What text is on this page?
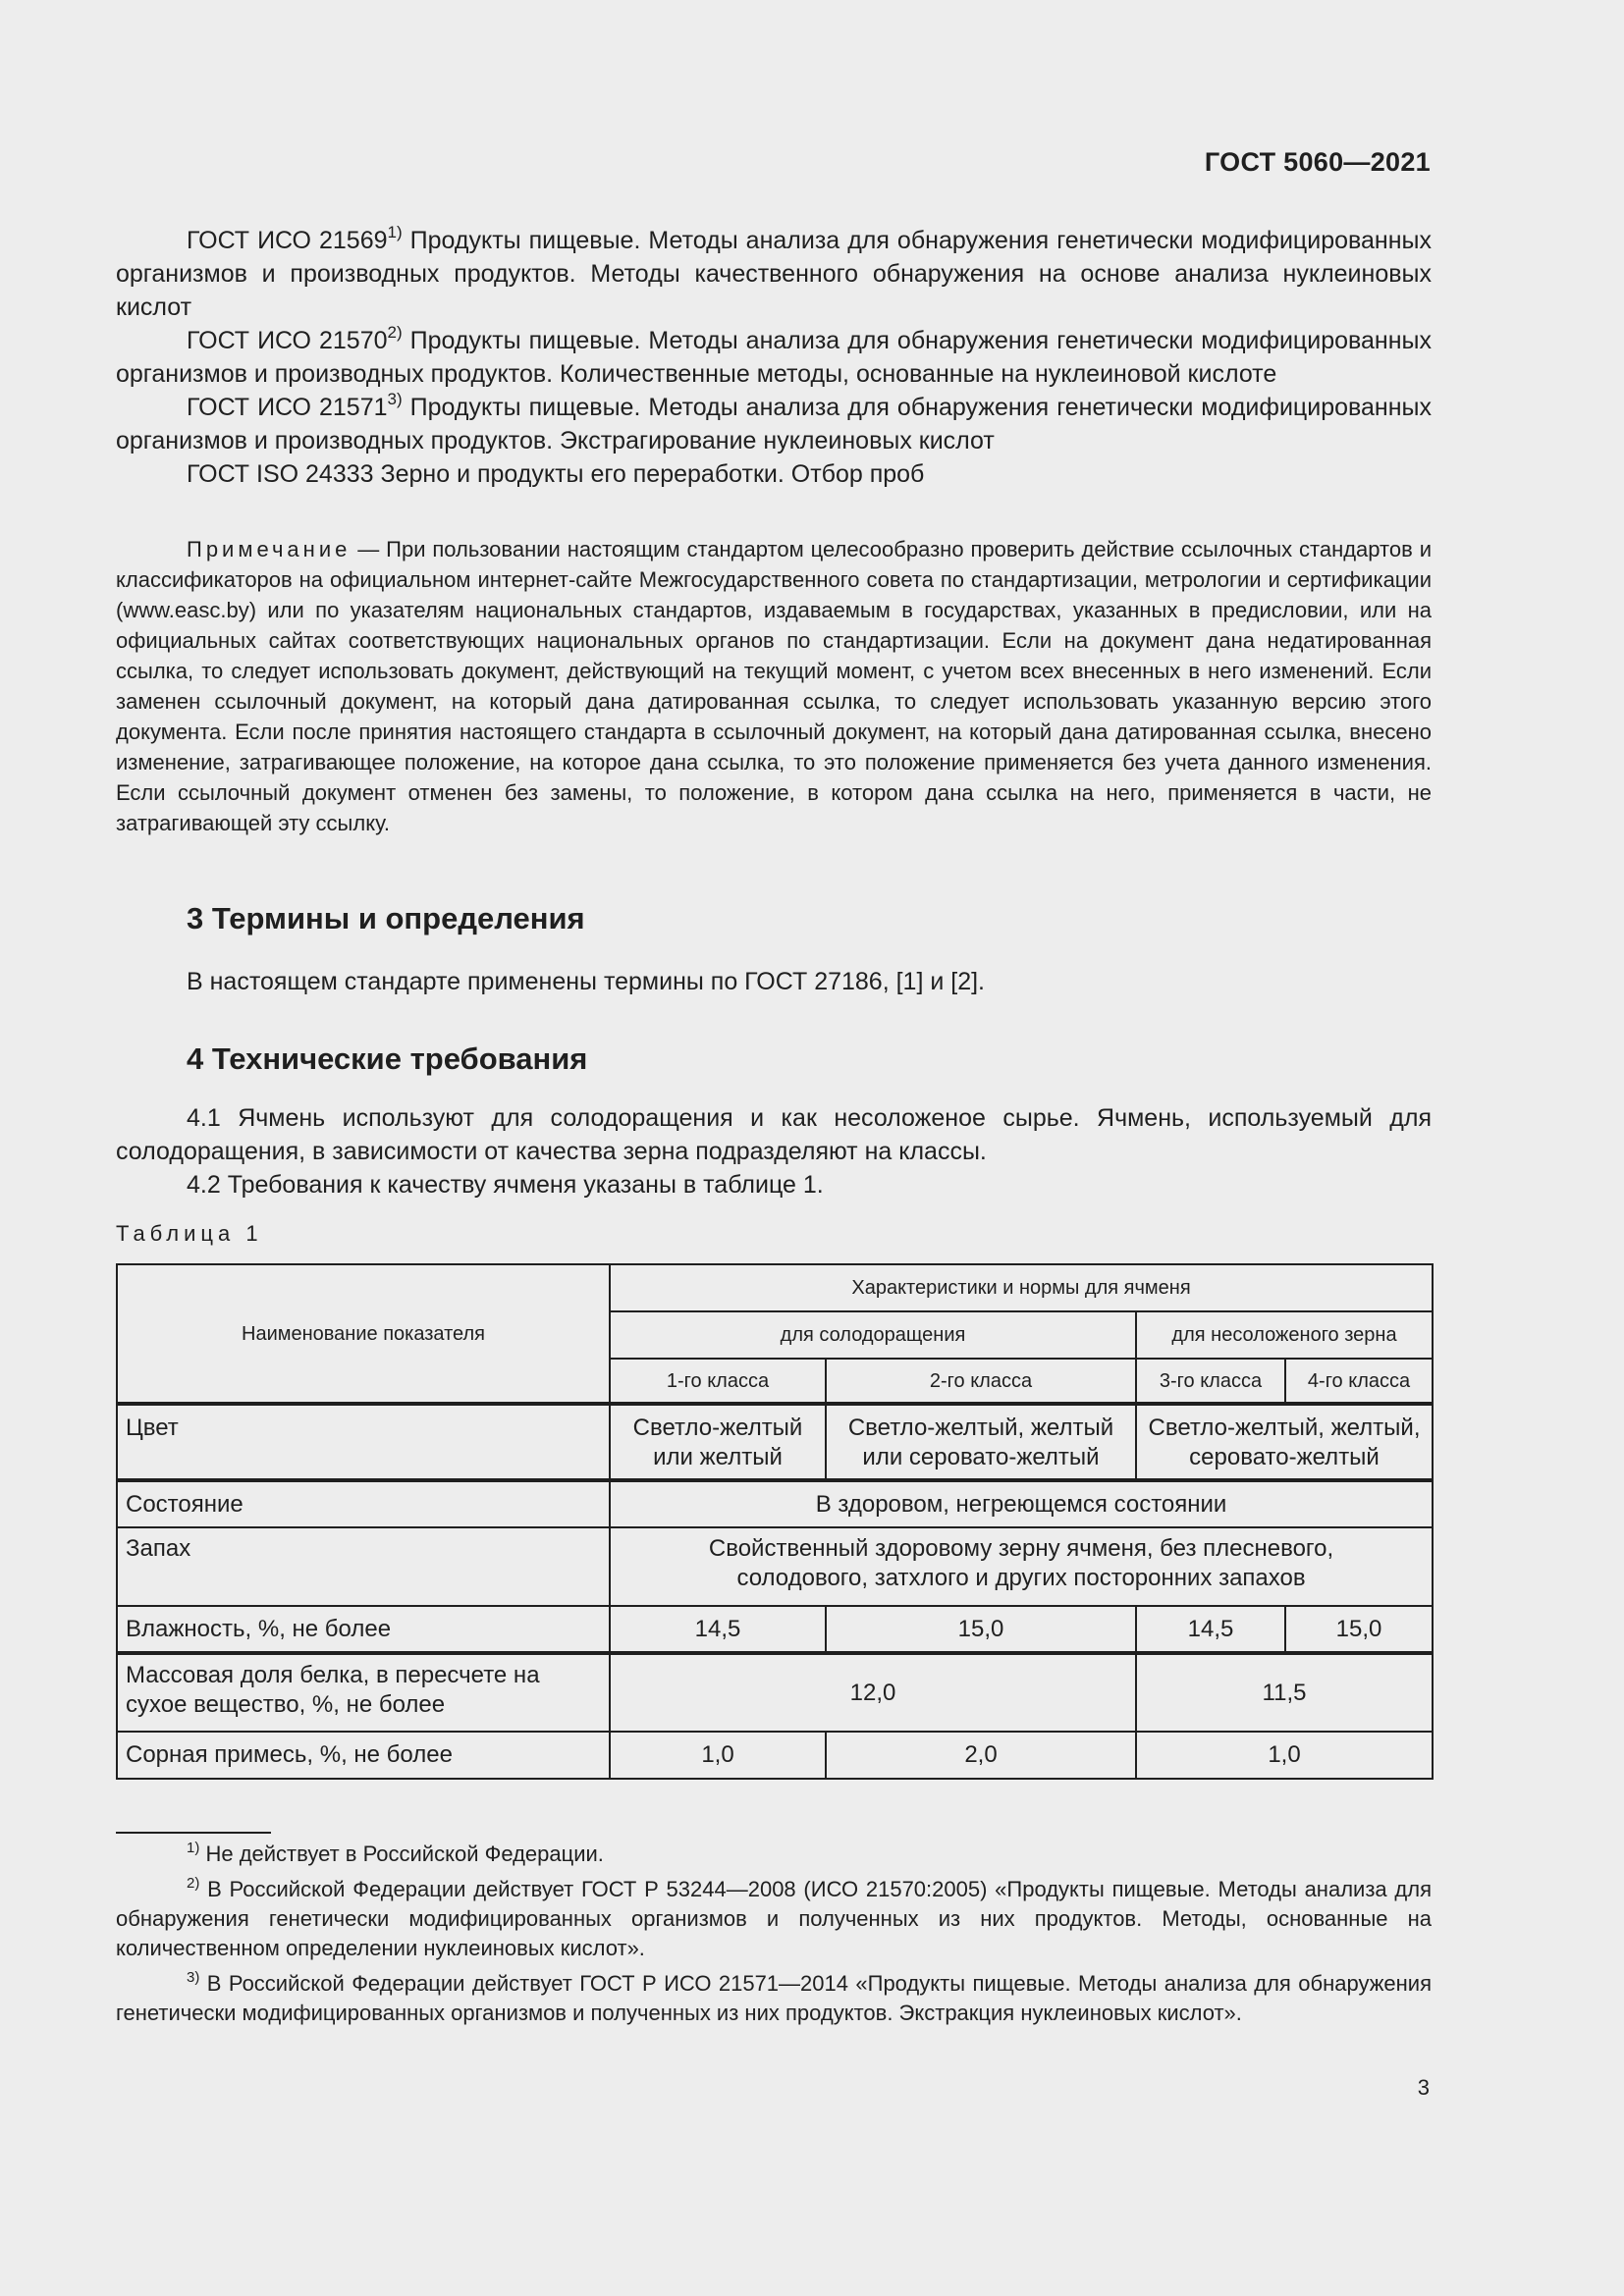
ГОСТ 5060—2021

ГОСТ ИСО 21569$^{1)}$ Продукты пищевые. Методы анализа для обнаружения генетически модифицированных организмов и производных продуктов. Методы качественного обнаружения на основе анализа нуклеиновых кислот

ГОСТ ИСО 21570$^{2)}$ Продукты пищевые. Методы анализа для обнаружения генетически модифицированных организмов и производных продуктов. Количественные методы, основанные на нуклеиновой кислоте

ГОСТ ИСО 21571$^{3)}$ Продукты пищевые. Методы анализа для обнаружения генетически модифицированных организмов и производных продуктов. Экстрагирование нуклеиновых кислот

ГОСТ ISO 24333 Зерно и продукты его переработки. Отбор проб

Примечание — При пользовании настоящим стандартом целесообразно проверить действие ссылочных стандартов и классификаторов на официальном интернет-сайте Межгосударственного совета по стандартизации, метрологии и сертификации (www.easc.by) или по указателям национальных стандартов, издаваемым в государствах, указанных в предисловии, или на официальных сайтах соответствующих национальных органов по стандартизации. Если на документ дана недатированная ссылка, то следует использовать документ, действующий на текущий момент, с учетом всех внесенных в него изменений. Если заменен ссылочный документ, на который дана датированная ссылка, то следует использовать указанную версию этого документа. Если после принятия настоящего стандарта в ссылочный документ, на который дана датированная ссылка, внесено изменение, затрагивающее положение, на которое дана ссылка, то это положение применяется без учета данного изменения. Если ссылочный документ отменен без замены, то положение, в котором дана ссылка на него, применяется в части, не затрагивающей эту ссылку.

3 Термины и определения

В настоящем стандарте применены термины по ГОСТ 27186, [1] и [2].

4 Технические требования

4.1 Ячмень используют для солодоращения и как несоложеное сырье. Ячмень, используемый для солодоращения, в зависимости от качества зерна подразделяют на классы.

4.2 Требования к качеству ячменя указаны в таблице 1.

Таблица 1
Наименование показателя	Характеристики и нормы для ячменя			
	для солодоращения		для несоложеного зерна	
	1-го класса	2-го класса	3-го класса	4-го класса
Цвет	Светло-желтый или желтый	Светло-желтый, желтый или серовато-желтый	Светло-желтый, желтый, серовато-желтый	
Состояние	В здоровом, негреющемся состоянии			
Запах	Свойственный здоровому зерну ячменя, без плесневого, солодового, затхлого и других посторонних запахов			
Влажность, %, не более	14,5	15,0	14,5	15,0
Массовая доля белка, в пересчете на сухое вещество, %, не более	12,0		11,5	
Сорная примесь, %, не более	1,0	2,0	1,0	

$^{1)}$ Не действует в Российской Федерации.

$^{2)}$ В Российской Федерации действует ГОСТ Р 53244—2008 (ИСО 21570:2005) «Продукты пищевые. Методы анализа для обнаружения генетически модифицированных организмов и полученных из них продуктов. Методы, основанные на количественном определении нуклеиновых кислот».

$^{3)}$ В Российской Федерации действует ГОСТ Р ИСО 21571—2014 «Продукты пищевые. Методы анализа для обнаружения генетически модифицированных организмов и полученных из них продуктов. Экстракция нуклеиновых кислот».

3
